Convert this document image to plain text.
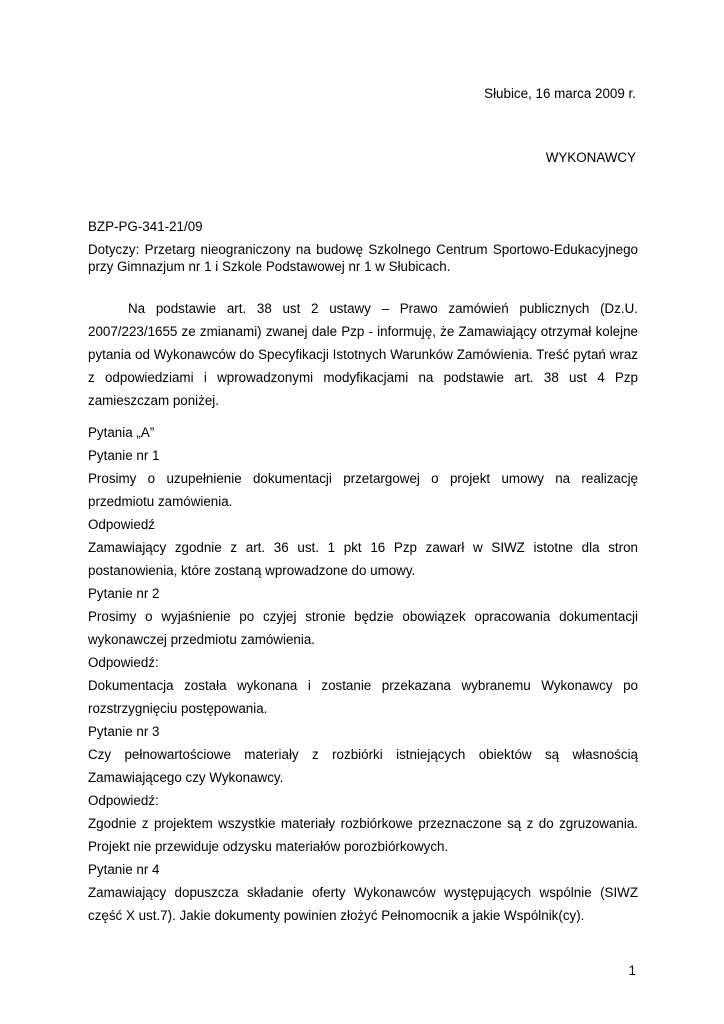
Słubice, 16 marca 2009 r.
WYKONAWCY
BZP-PG-341-21/09
Dotyczy: Przetarg nieograniczony na budowę Szkolnego Centrum Sportowo-Edukacyjnego przy Gimnazjum nr 1 i Szkole Podstawowej nr 1 w Słubicach.
Na podstawie art. 38 ust 2 ustawy – Prawo zamówień publicznych (Dz.U. 2007/223/1655 ze zmianami) zwanej dale Pzp - informuję, że Zamawiający otrzymał kolejne pytania od Wykonawców do Specyfikacji Istotnych Warunków Zamówienia. Treść pytań wraz z odpowiedziami i wprowadzonymi modyfikacjami na podstawie art. 38 ust 4 Pzp zamieszczam poniżej.

Pytania „A”

Pytanie nr 1

Prosimy o uzupełnienie dokumentacji przetargowej o projekt umowy na realizację przedmiotu zamówienia.

Odpowiedź

Zamawiający zgodnie z art. 36 ust. 1 pkt 16 Pzp zawarł w SIWZ istotne dla stron postanowienia, które zostaną wprowadzone do umowy.

Pytanie nr 2

Prosimy o wyjaśnienie po czyjej stronie będzie obowiązek opracowania dokumentacji wykonawczej przedmiotu zamówienia.

Odpowiedź:

Dokumentacja została wykonana i zostanie przekazana wybranemu Wykonawcy po rozstrzygnięciu postępowania.

Pytanie nr 3

Czy pełnowartościowe materiały z rozbiórki istniejących obiektów są własnością Zamawiającego czy Wykonawcy.

Odpowiedź:

Zgodnie z projektem wszystkie materiały rozbiórkowe przeznaczone są z do zgruzowania. Projekt nie przewiduje odzysku materiałów porozbiórkowych.

Pytanie nr 4

Zamawiający dopuszcza składanie oferty Wykonawców występujących wspólnie (SIWZ część X ust.7). Jakie dokumenty powinien złożyć Pełnomocnik a jakie Wspólnik(cy).

1
